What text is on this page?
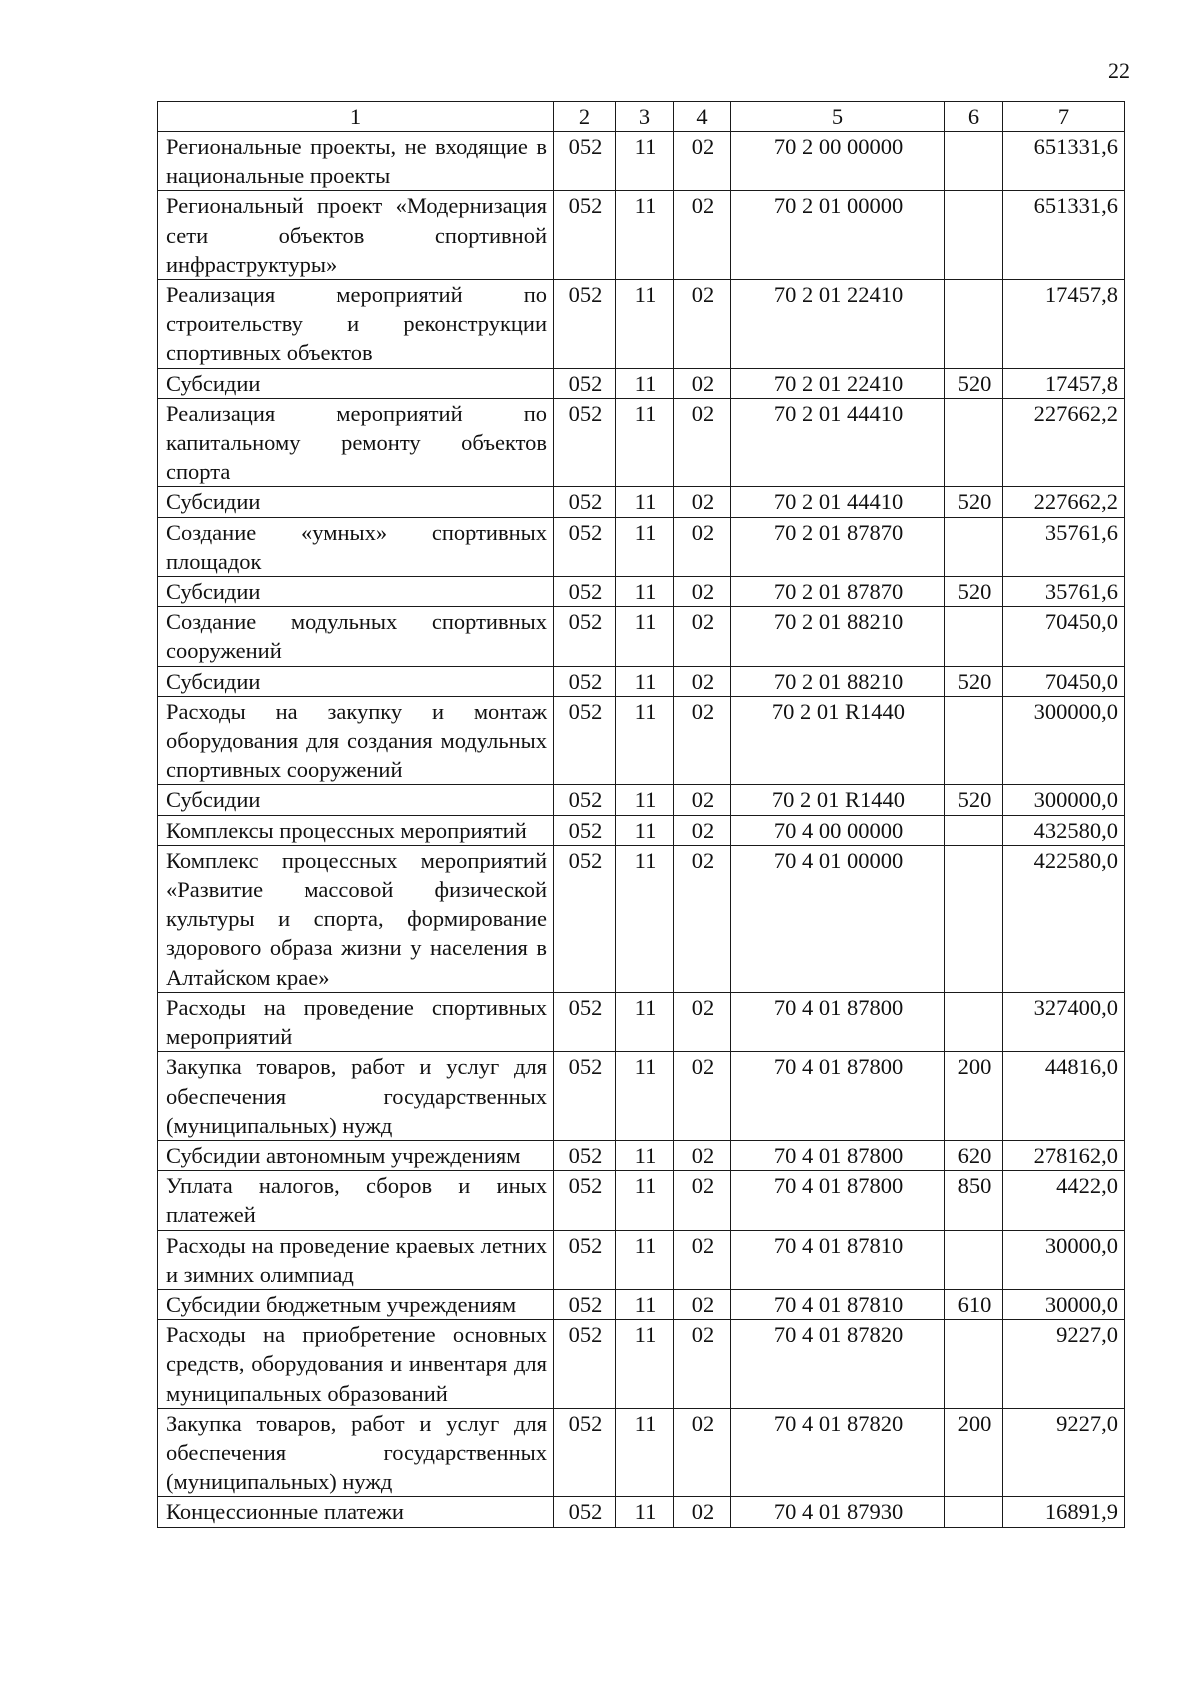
22
1	2	3	4	5	6	7
Региональные проекты, не входящие в национальные проекты	052	11	02	70 2 00 00000		651331,6
Региональный проект «Модернизация сети объектов спортивной инфраструктуры»	052	11	02	70 2 01 00000		651331,6
Реализация мероприятий по строительству и реконструкции спортивных объектов	052	11	02	70 2 01 22410		17457,8
Субсидии	052	11	02	70 2 01 22410	520	17457,8
Реализация мероприятий по капитальному ремонту объектов спорта	052	11	02	70 2 01 44410		227662,2
Субсидии	052	11	02	70 2 01 44410	520	227662,2
Создание «умных» спортивных площадок	052	11	02	70 2 01 87870		35761,6
Субсидии	052	11	02	70 2 01 87870	520	35761,6
Создание модульных спортивных сооружений	052	11	02	70 2 01 88210		70450,0
Субсидии	052	11	02	70 2 01 88210	520	70450,0
Расходы на закупку и монтаж оборудования для создания модульных спортивных сооружений	052	11	02	70 2 01 R1440		300000,0
Субсидии	052	11	02	70 2 01 R1440	520	300000,0
Комплексы процессных мероприятий	052	11	02	70 4 00 00000		432580,0
Комплекс процессных мероприятий «Развитие массовой физической культуры и спорта, формирование здорового образа жизни у населения в Алтайском крае»	052	11	02	70 4 01 00000		422580,0
Расходы на проведение спортивных мероприятий	052	11	02	70 4 01 87800		327400,0
Закупка товаров, работ и услуг для обеспечения государственных (муниципальных) нужд	052	11	02	70 4 01 87800	200	44816,0
Субсидии автономным учреждениям	052	11	02	70 4 01 87800	620	278162,0
Уплата налогов, сборов и иных платежей	052	11	02	70 4 01 87800	850	4422,0
Расходы на проведение краевых летних и зимних олимпиад	052	11	02	70 4 01 87810		30000,0
Субсидии бюджетным учреждениям	052	11	02	70 4 01 87810	610	30000,0
Расходы на приобретение основных средств, оборудования и инвентаря для муниципальных образований	052	11	02	70 4 01 87820		9227,0
Закупка товаров, работ и услуг для обеспечения государственных (муниципальных) нужд	052	11	02	70 4 01 87820	200	9227,0
Концессионные платежи	052	11	02	70 4 01 87930		16891,9
